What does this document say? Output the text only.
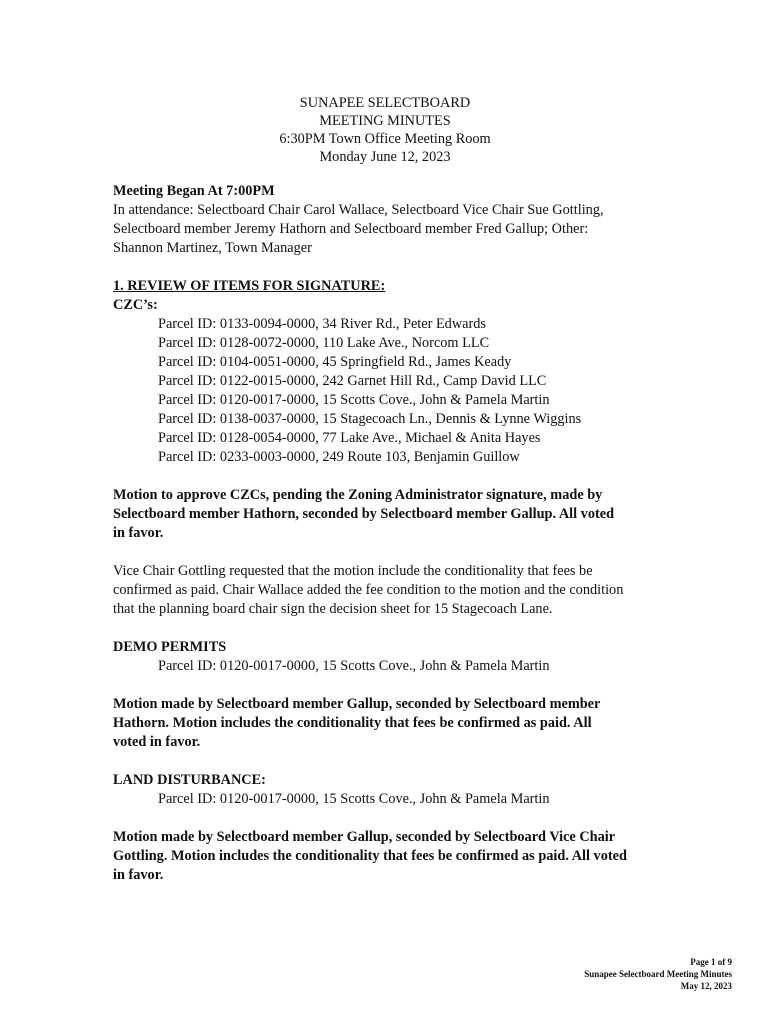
SUNAPEE SELECTBOARD
MEETING MINUTES
6:30PM Town Office Meeting Room
Monday June 12, 2023
Meeting Began At 7:00PM
In attendance: Selectboard Chair Carol Wallace, Selectboard Vice Chair Sue Gottling,
Selectboard member Jeremy Hathorn and Selectboard member Fred Gallup; Other:
Shannon Martinez, Town Manager
1. REVIEW OF ITEMS FOR SIGNATURE:
CZC’s:
Parcel ID: 0133-0094-0000, 34 River Rd., Peter Edwards
Parcel ID: 0128-0072-0000, 110 Lake Ave., Norcom LLC
Parcel ID: 0104-0051-0000, 45 Springfield Rd., James Keady
Parcel ID: 0122-0015-0000, 242 Garnet Hill Rd., Camp David LLC
Parcel ID: 0120-0017-0000, 15 Scotts Cove., John & Pamela Martin
Parcel ID: 0138-0037-0000, 15 Stagecoach Ln., Dennis & Lynne Wiggins
Parcel ID: 0128-0054-0000, 77 Lake Ave., Michael & Anita Hayes
Parcel ID: 0233-0003-0000, 249 Route 103, Benjamin Guillow
Motion to approve CZCs, pending the Zoning Administrator signature, made by
Selectboard member Hathorn, seconded by Selectboard member Gallup. All voted
in favor.
Vice Chair Gottling requested that the motion include the conditionality that fees be
confirmed as paid. Chair Wallace added the fee condition to the motion and the condition
that the planning board chair sign the decision sheet for 15 Stagecoach Lane.
DEMO PERMITS
Parcel ID: 0120-0017-0000, 15 Scotts Cove., John & Pamela Martin
Motion made by Selectboard member Gallup, seconded by Selectboard member
Hathorn. Motion includes the conditionality that fees be confirmed as paid. All
voted in favor.
LAND DISTURBANCE:
Parcel ID: 0120-0017-0000, 15 Scotts Cove., John & Pamela Martin
Motion made by Selectboard member Gallup, seconded by Selectboard Vice Chair
Gottling. Motion includes the conditionality that fees be confirmed as paid. All voted
in favor.
Page 1 of 9
Sunapee Selectboard Meeting Minutes
May 12, 2023
